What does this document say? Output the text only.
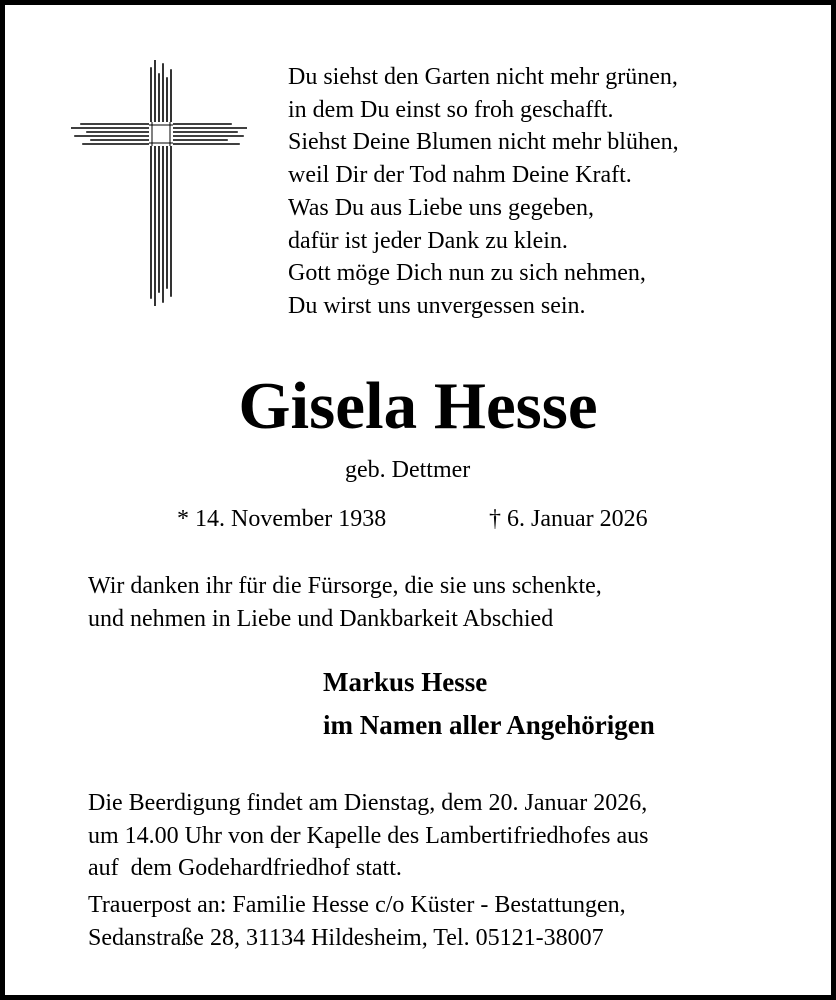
Du siehst den Garten nicht mehr grünen,
in dem Du einst so froh geschafft.
Siehst Deine Blumen nicht mehr blühen,
weil Dir der Tod nahm Deine Kraft.
Was Du aus Liebe uns gegeben,
dafür ist jeder Dank zu klein.
Gott möge Dich nun zu sich nehmen,
Du wirst uns unvergessen sein.
Gisela Hesse
geb. Dettmer
* 14. November 1938	† 6. Januar 2026
Wir danken ihr für die Fürsorge, die sie uns schenkte,
und nehmen in Liebe und Dankbarkeit Abschied
Markus Hesse
im Namen aller Angehörigen
Die Beerdigung findet am Dienstag, dem 20. Januar 2026,
um 14.00 Uhr von der Kapelle des Lambertifriedhofes aus
auf  dem Godehardfriedhof statt.
Trauerpost an: Familie Hesse c/o Küster - Bestattungen,
Sedanstraße 28, 31134 Hildesheim, Tel. 05121-38007
